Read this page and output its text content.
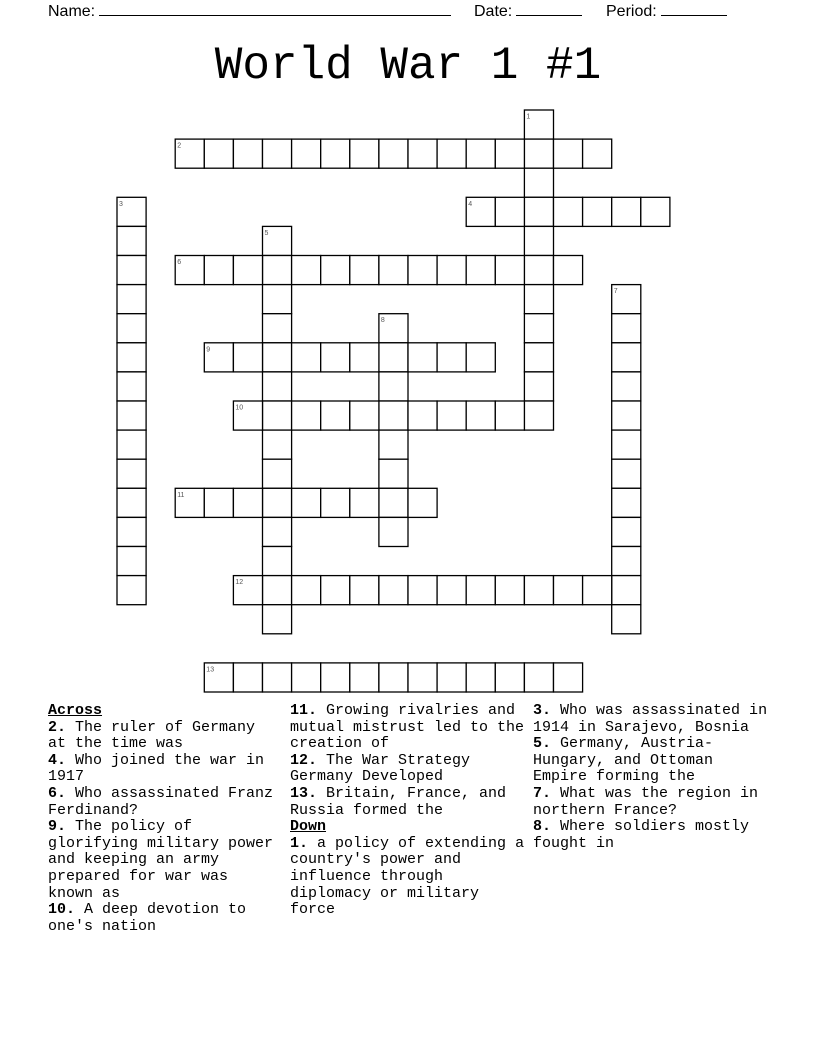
Name:	Date:	Period:
World War 1 #1
1
2
3	4
5
6
7
8
9
10
11
12
13

Across

2. The ruler of Germany at the time was

4. Who joined the war in 1917

6. Who assassinated Franz Ferdinand?

9. The policy of glorifying military power and keeping an army prepared for war was known as

10. A deep devotion to one's nation

11. Growing rivalries and mutual mistrust led to the creation of

12. The War Strategy Germany Developed

13. Britain, France, and Russia formed the

Down

1. a policy of extending a country's power and influence through diplomacy or military force

3. Who was assassinated in 1914 in Sarajevo, Bosnia

5. Germany, Austria-Hungary, and Ottoman Empire forming the

7. What was the region in northern France?

8. Where soldiers mostly fought in
